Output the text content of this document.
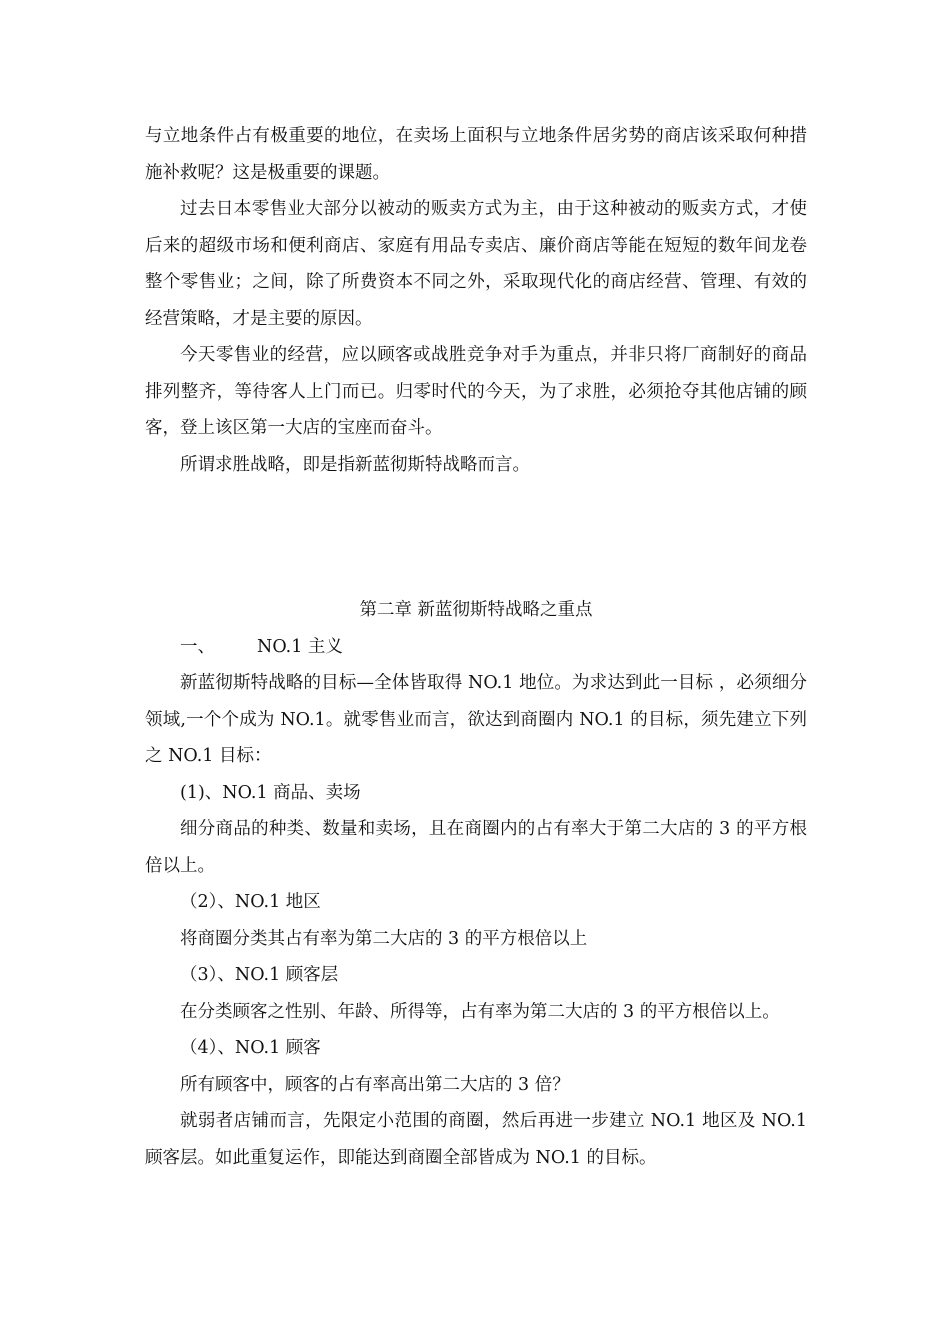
与立地条件占有极重要的地位，在卖场上面积与立地条件居劣势的商店该采取何种措施补救呢？这是极重要的课题。

过去日本零售业大部分以被动的贩卖方式为主，由于这种被动的贩卖方式，才使后来的超级市场和便利商店、家庭有用品专卖店、廉价商店等能在短短的数年间龙卷整个零售业；之间，除了所费资本不同之外，采取现代化的商店经营、管理、有效的经营策略，才是主要的原因。

今天零售业的经营，应以顾客或战胜竞争对手为重点，并非只将厂商制好的商品排列整齐，等待客人上门而已。归零时代的今天，为了求胜，必须抢夺其他店铺的顾客，登上该区第一大店的宝座而奋斗。

所谓求胜战略，即是指新蓝彻斯特战略而言。

第二章 新蓝彻斯特战略之重点

一、 NO.1 主义

新蓝彻斯特战略的目标—全体皆取得 NO.1 地位。为求达到此一目标 ，必须细分领域,一个个成为 NO.1。就零售业而言，欲达到商圈内 NO.1 的目标，须先建立下列之 NO.1 目标：

(1)、NO.1 商品、卖场

细分商品的种类、数量和卖场，且在商圈内的占有率大于第二大店的 3 的平方根倍以上。

（2）、NO.1 地区

将商圈分类其占有率为第二大店的 3 的平方根倍以上

（3）、NO.1 顾客层

在分类顾客之性别、年龄、所得等，占有率为第二大店的 3 的平方根倍以上。

（4）、NO.1 顾客

所有顾客中，顾客的占有率高出第二大店的 3 倍？

就弱者店铺而言，先限定小范围的商圈，然后再进一步建立 NO.1 地区及 NO.1 顾客层。如此重复运作，即能达到商圈全部皆成为 NO.1 的目标。
